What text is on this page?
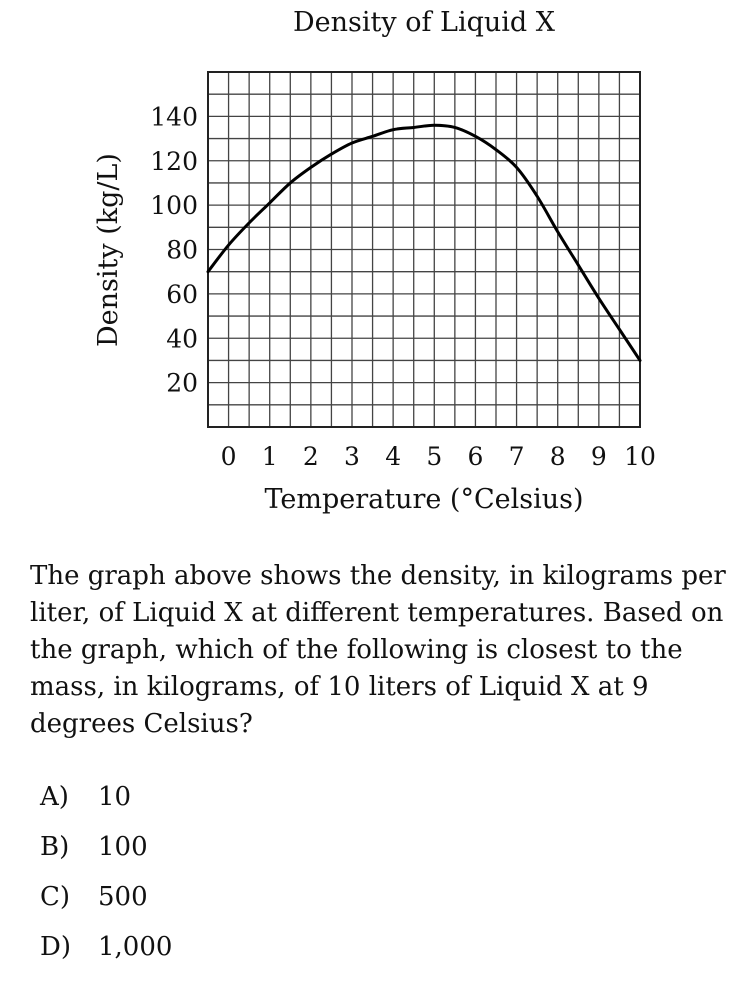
Density of Liquid X
0 1 2 3 4 5 6 7 8 9 10
20
40
60
80
100
120
140
Temperature (°Celsius)
Density (kg/L)

The graph above shows the density, in kilograms per liter, of Liquid X at different temperatures. Based on the graph, which of the following is closest to the mass, in kilograms, of 10 liters of Liquid X at 9 degrees Celsius?

A)	10
B)	100
C)	500
D)	1,000
